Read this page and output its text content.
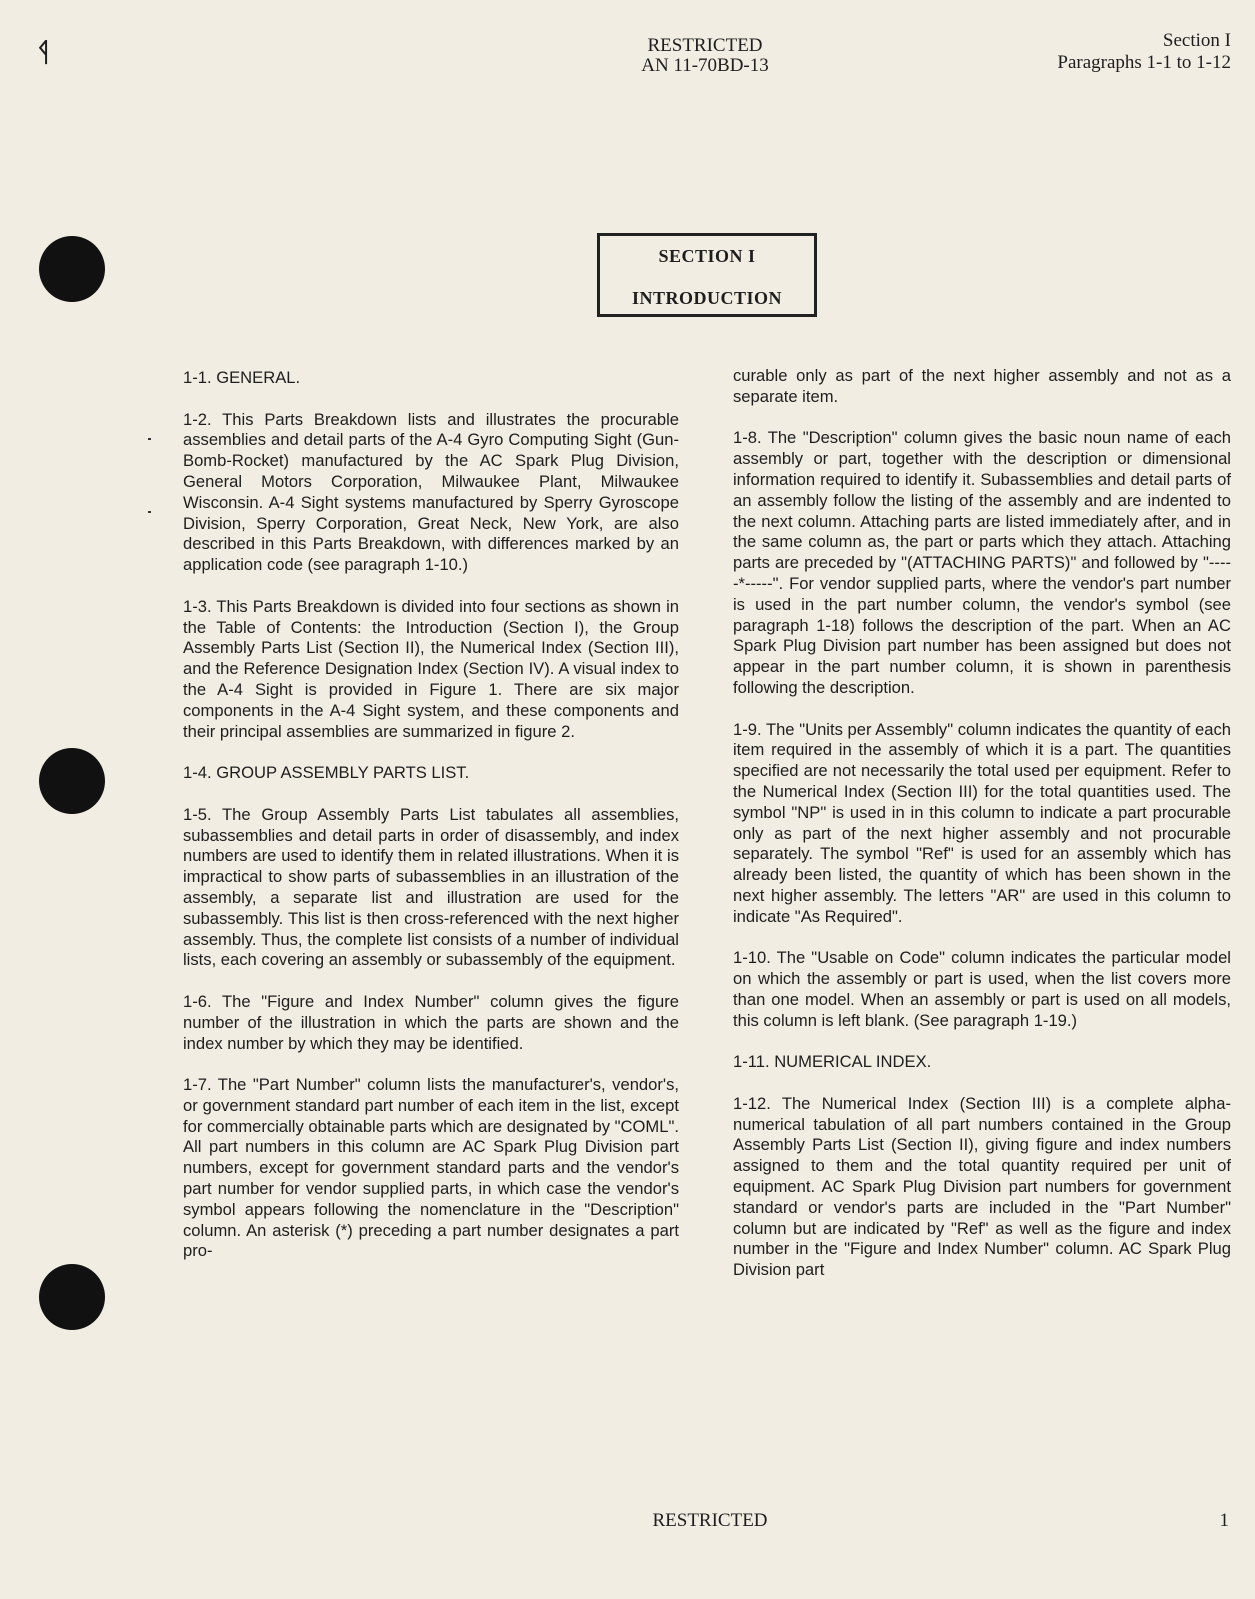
ᛩ	RESTRICTED
AN 11-70BD-13
Section I
Paragraphs 1-1 to 1-12
SECTION I
INTRODUCTION
1-1. GENERAL.
1-2. This Parts Breakdown lists and illustrates the procurable assemblies and detail parts of the A-4 Gyro Computing Sight (Gun-Bomb-Rocket) manufactured by the AC Spark Plug Division, General Motors Corporation, Milwaukee Plant, Milwaukee Wisconsin. A-4 Sight systems manufactured by Sperry Gyroscope Division, Sperry Corporation, Great Neck, New York, are also described in this Parts Breakdown, with differences marked by an application code (see paragraph 1-10.)
1-3. This Parts Breakdown is divided into four sections as shown in the Table of Contents: the Introduction (Section I), the Group Assembly Parts List (Section II), the Numerical Index (Section III), and the Reference Designation Index (Section IV). A visual index to the A-4 Sight is provided in Figure 1. There are six major components in the A-4 Sight system, and these components and their principal assemblies are summarized in figure 2.
1-4. GROUP ASSEMBLY PARTS LIST.
1-5. The Group Assembly Parts List tabulates all assemblies, subassemblies and detail parts in order of disassembly, and index numbers are used to identify them in related illustrations. When it is impractical to show parts of subassemblies in an illustration of the assembly, a separate list and illustration are used for the subassembly. This list is then cross-referenced with the next higher assembly. Thus, the complete list consists of a number of individual lists, each covering an assembly or subassembly of the equipment.
1-6. The "Figure and Index Number" column gives the figure number of the illustration in which the parts are shown and the index number by which they may be identified.
1-7. The "Part Number" column lists the manufacturer's, vendor's, or government standard part number of each item in the list, except for commercially obtainable parts which are designated by "COML". All part numbers in this column are AC Spark Plug Division part numbers, except for government standard parts and the vendor's part number for vendor supplied parts, in which case the vendor's symbol appears following the nomenclature in the "Description" column. An asterisk (*) preceding a part number designates a part pro-
curable only as part of the next higher assembly and not as a separate item.
1-8. The "Description" column gives the basic noun name of each assembly or part, together with the description or dimensional information required to identify it. Subassemblies and detail parts of an assembly follow the listing of the assembly and are indented to the next column. Attaching parts are listed immediately after, and in the same column as, the part or parts which they attach. Attaching parts are preceded by "(ATTACHING PARTS)" and followed by "-----*-----". For vendor supplied parts, where the vendor's part number is used in the part number column, the vendor's symbol (see paragraph 1-18) follows the description of the part. When an AC Spark Plug Division part number has been assigned but does not appear in the part number column, it is shown in parenthesis following the description.
1-9. The "Units per Assembly" column indicates the quantity of each item required in the assembly of which it is a part. The quantities specified are not necessarily the total used per equipment. Refer to the Numerical Index (Section III) for the total quantities used. The symbol "NP" is used in in this column to indicate a part procurable only as part of the next higher assembly and not procurable separately. The symbol "Ref" is used for an assembly which has already been listed, the quantity of which has been shown in the next higher assembly. The letters "AR" are used in this column to indicate "As Required".
1-10. The "Usable on Code" column indicates the particular model on which the assembly or part is used, when the list covers more than one model. When an assembly or part is used on all models, this column is left blank. (See paragraph 1-19.)
1-11. NUMERICAL INDEX.
1-12. The Numerical Index (Section III) is a complete alpha-numerical tabulation of all part numbers contained in the Group Assembly Parts List (Section II), giving figure and index numbers assigned to them and the total quantity required per unit of equipment. AC Spark Plug Division part numbers for government standard or vendor's parts are included in the "Part Number" column but are indicated by "Ref" as well as the figure and index number in the "Figure and Index Number" column. AC Spark Plug Division part
RESTRICTED	1
